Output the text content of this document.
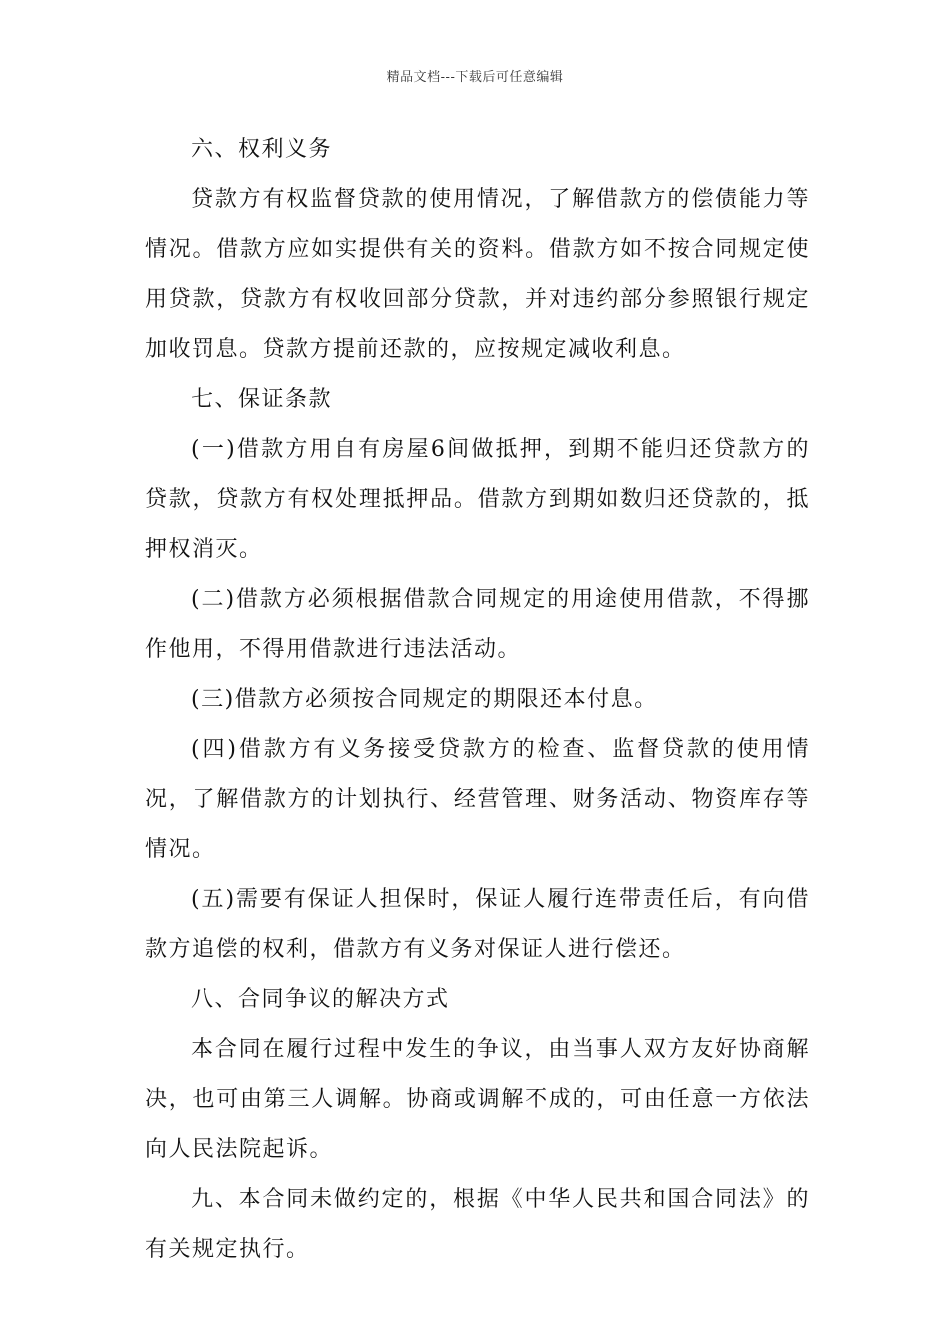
精品文档---下载后可任意编辑

六、权利义务

贷款方有权监督贷款的使用情况，了解借款方的偿债能力等情况。借款方应如实提供有关的资料。借款方如不按合同规定使用贷款，贷款方有权收回部分贷款，并对违约部分参照银行规定加收罚息。贷款方提前还款的，应按规定减收利息。

七、保证条款

(一)借款方用自有房屋6间做抵押，到期不能归还贷款方的贷款，贷款方有权处理抵押品。借款方到期如数归还贷款的，抵押权消灭。

(二)借款方必须根据借款合同规定的用途使用借款，不得挪作他用，不得用借款进行违法活动。

(三)借款方必须按合同规定的期限还本付息。

(四)借款方有义务接受贷款方的检查、监督贷款的使用情况，了解借款方的计划执行、经营管理、财务活动、物资库存等情况。

(五)需要有保证人担保时，保证人履行连带责任后，有向借款方追偿的权利，借款方有义务对保证人进行偿还。

八、合同争议的解决方式

本合同在履行过程中发生的争议，由当事人双方友好协商解决，也可由第三人调解。协商或调解不成的，可由任意一方依法向人民法院起诉。

九、本合同未做约定的，根据《中华人民共和国合同法》的有关规定执行。
